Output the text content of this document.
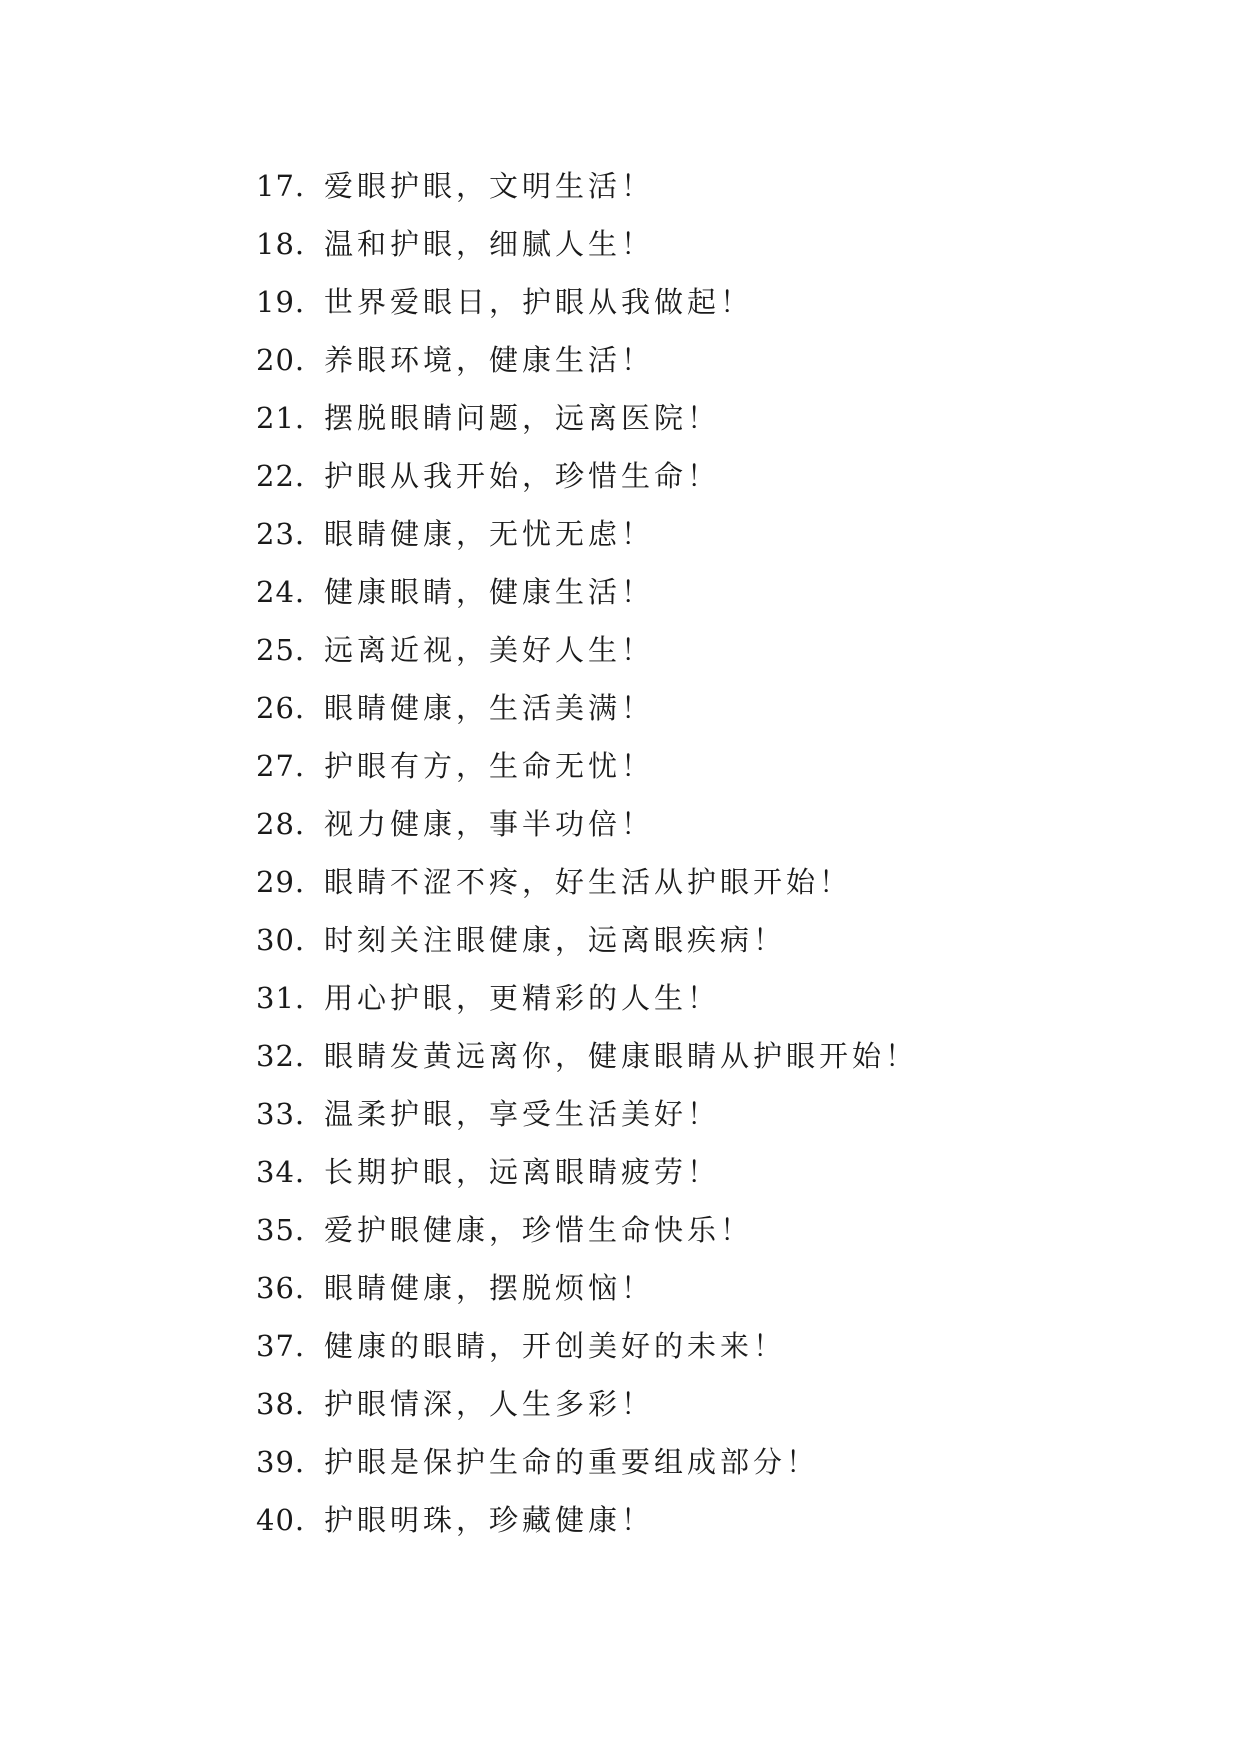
17. 爱眼护眼，文明生活！
18. 温和护眼，细腻人生！
19. 世界爱眼日，护眼从我做起！
20. 养眼环境，健康生活！
21. 摆脱眼睛问题，远离医院！
22. 护眼从我开始，珍惜生命！
23. 眼睛健康，无忧无虑！
24. 健康眼睛，健康生活！
25. 远离近视，美好人生！
26. 眼睛健康，生活美满！
27. 护眼有方，生命无忧！
28. 视力健康，事半功倍！
29. 眼睛不涩不疼，好生活从护眼开始！
30. 时刻关注眼健康，远离眼疾病！
31. 用心护眼，更精彩的人生！
32. 眼睛发黄远离你，健康眼睛从护眼开始！
33. 温柔护眼，享受生活美好！
34. 长期护眼，远离眼睛疲劳！
35. 爱护眼健康，珍惜生命快乐！
36. 眼睛健康，摆脱烦恼！
37. 健康的眼睛，开创美好的未来！
38. 护眼情深，人生多彩！
39. 护眼是保护生命的重要组成部分！
40. 护眼明珠，珍藏健康！
